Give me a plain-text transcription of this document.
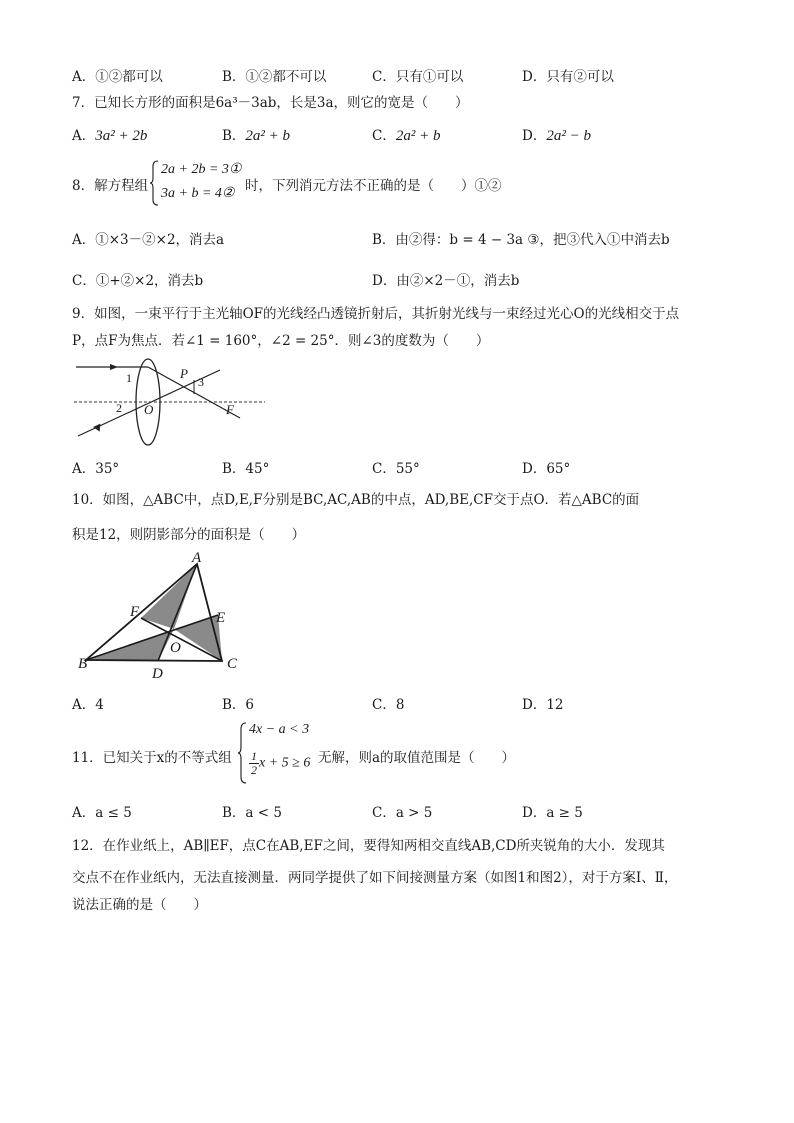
A．①②都可以	B．①②都不可以	C．只有①可以	D．只有②可以
7．已知长方形的面积是6a³－3ab，长是3a，则它的宽是（　　）
A．3a² + 2b	B．2a² + b	C．2a² + b	D．2a² − b
8．解方程组
2a + 2b = 3①
3a + b = 4② 时，下列消元方法不正确的是（　　）①②
A．①×3－②×2，消去a	B．由②得：b = 4 − 3a ③，把③代入①中消去b
C．①+②×2，消去b	D．由②×2－①，消去b
9．如图，一束平行于主光轴OF的光线经凸透镜折射后，其折射光线与一束经过光心O的光线相交于点
P，点F为焦点．若∠1 = 160°，∠2 = 25°．则∠3的度数为（　　）
1	P
3
2 O	F
A．35°	B．45°	C．55°	D．65°
10．如图，△ABC中，点D,E,F分别是BC,AC,AB的中点，AD,BE,CF交于点O．若△ABC的面
积是12，则阴影部分的面积是（　　）
A
F	E
O
B
D
C
A．4	B．6	C．8	D．12
11．已知关于x的不等式组
4x − a < 3
$\frac{1}{2}$ x + 5 ≥ 6 无解，则a的取值范围是（　　）
A．a ≤ 5	B．a < 5	C．a > 5	D．a ≥ 5
12．在作业纸上，AB∥EF，点C在AB,EF之间，要得知两相交直线AB,CD所夹锐角的大小．发现其
交点不在作业纸内，无法直接测量．两同学提供了如下间接测量方案（如图1和图2），对于方案Ⅰ、Ⅱ，
说法正确的是（　　）
